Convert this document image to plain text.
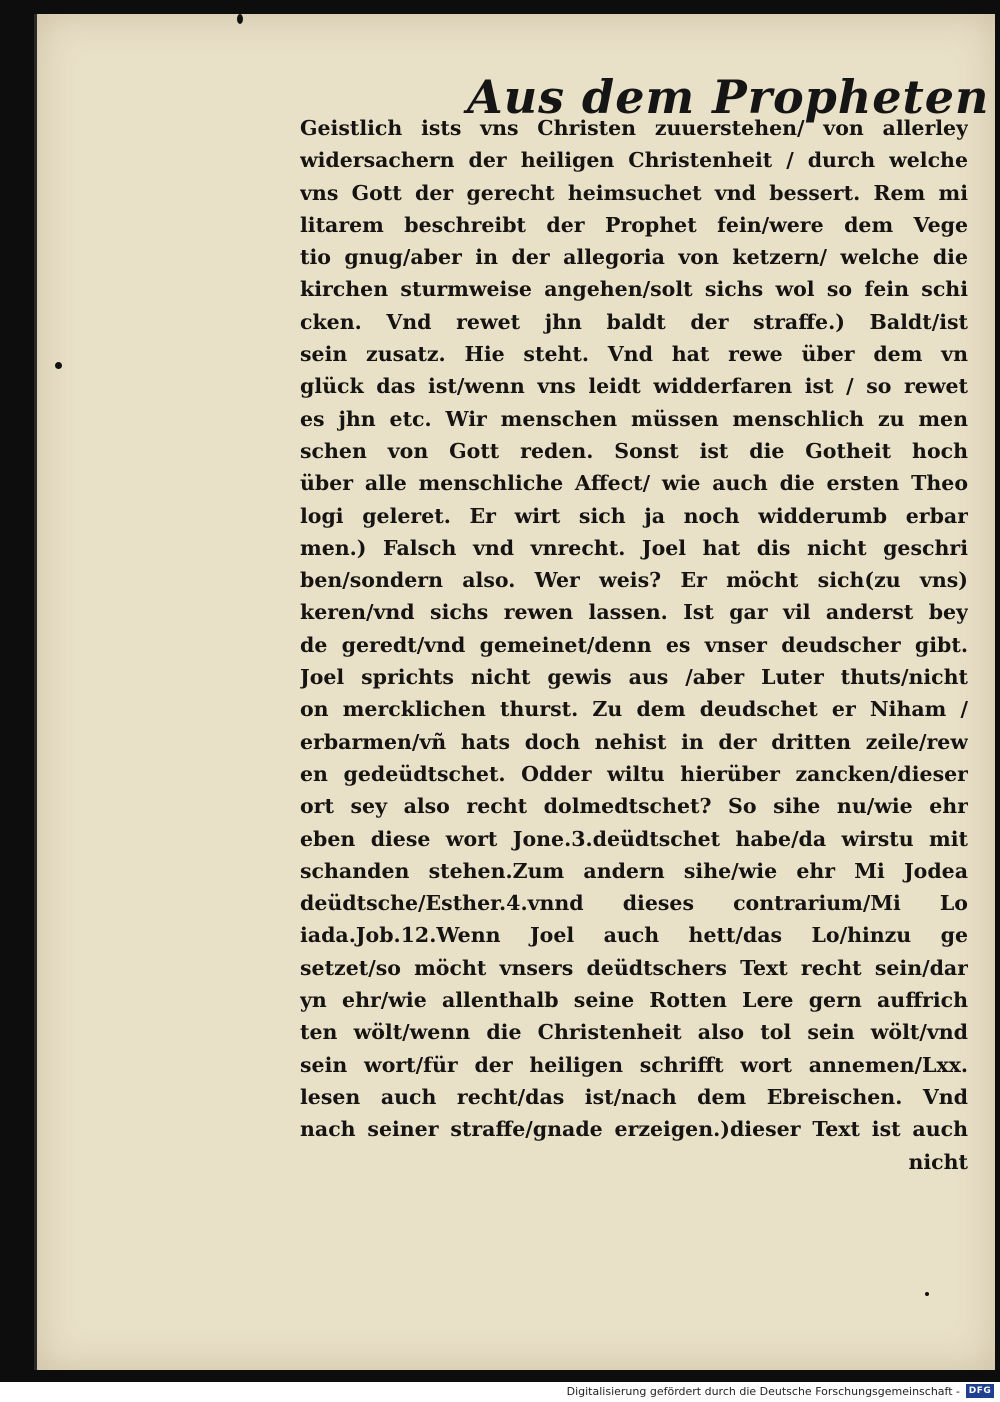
Aus dem Propheten
Geistlich ists vns Christen zuuerstehen/ von allerley
widersachern der heiligen Christenheit / durch welche
vns Gott der gerecht heimsuchet vnd bessert. Rem mi
litarem beschreibt der Prophet fein/were dem Vege
tio gnug/aber in der allegoria von ketzern/ welche die
kirchen sturmweise angehen/solt sichs wol so fein schi
cken. Vnd rewet jhn baldt der straffe.) Baldt/ist
sein zusatz. Hie steht. Vnd hat rewe über dem vn
glück das ist/wenn vns leidt widderfaren ist / so rewet
es jhn etc. Wir menschen müssen menschlich zu men
schen von Gott reden. Sonst ist die Gotheit hoch
über alle menschliche Affect/ wie auch die ersten Theo
logi geleret. Er wirt sich ja noch widderumb erbar
men.) Falsch vnd vnrecht. Joel hat dis nicht geschri
ben/sondern also. Wer weis? Er möcht sich(zu vns)
keren/vnd sichs rewen lassen. Ist gar vil anderst bey
de geredt/vnd gemeinet/denn es vnser deudscher gibt.
Joel sprichts nicht gewis aus /aber Luter thuts/nicht
on mercklichen thurst. Zu dem deudschet er Niham /
erbarmen/vñ hats doch nehist in der dritten zeile/rew
en gedeüdtschet. Odder wiltu hierüber zancken/dieser
ort sey also recht dolmedtschet? So sihe nu/wie ehr
eben diese wort Jone.3.deüdtschet habe/da wirstu mit
schanden stehen.Zum andern sihe/wie ehr Mi Jodea
deüdtsche/Esther.4.vnnd dieses contrarium/Mi Lo
iada.Job.12.Wenn Joel auch hett/das Lo/hinzu ge
setzet/so möcht vnsers deüdtschers Text recht sein/dar
yn ehr/wie allenthalb seine Rotten Lere gern auffrich
ten wölt/wenn die Christenheit also tol sein wölt/vnd
sein wort/für der heiligen schrifft wort annemen/Lxx.
lesen auch recht/das ist/nach dem Ebreischen. Vnd
nach seiner straffe/gnade erzeigen.)dieser Text ist auch
nicht
Digitalisierung gefördert durch die Deutsche Forschungsgemeinschaft - DFG
